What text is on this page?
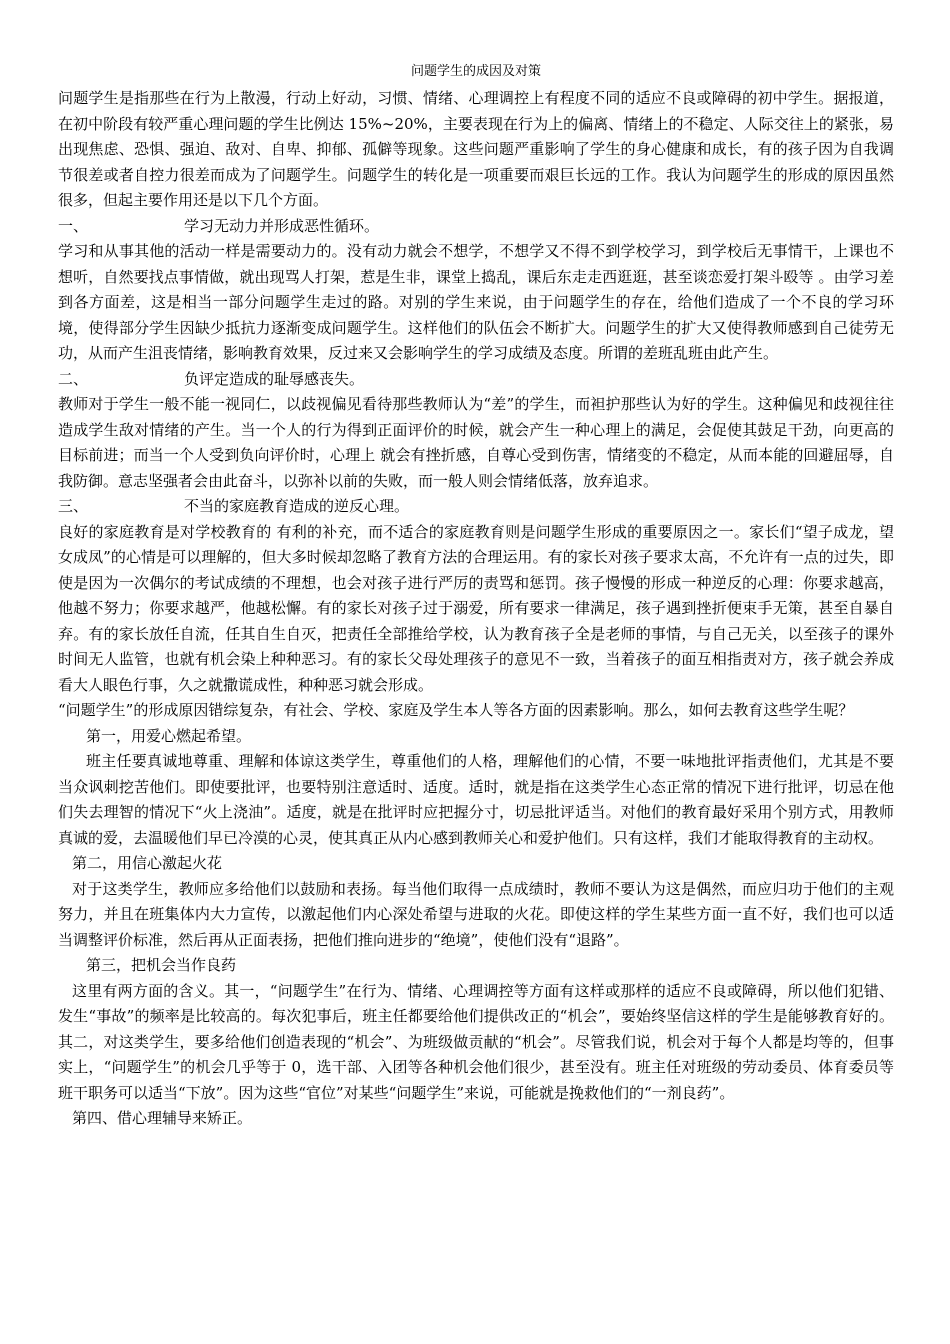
问题学生的成因及对策

问题学生是指那些在行为上散漫，行动上好动，习惯、情绪、心理调控上有程度不同的适应不良或障碍的初中学生。据报道，在初中阶段有较严重心理问题的学生比例达 15%~20%，主要表现在行为上的偏离、情绪上的不稳定、人际交往上的紧张，易出现焦虑、恐惧、强迫、敌对、自卑、抑郁、孤僻等现象。这些问题严重影响了学生的身心健康和成长，有的孩子因为自我调节很差或者自控力很差而成为了问题学生。问题学生的转化是一项重要而艰巨长远的工作。我认为问题学生的形成的原因虽然很多，但起主要作用还是以下几个方面。

一、	学习无动力并形成恶性循环。

学习和从事其他的活动一样是需要动力的。没有动力就会不想学，不想学又不得不到学校学习，到学校后无事情干，上课也不想听，自然要找点事情做，就出现骂人打架，惹是生非，课堂上捣乱，课后东走走西逛逛，甚至谈恋爱打架斗殴等 。由学习差到各方面差，这是相当一部分问题学生走过的路。对别的学生来说，由于问题学生的存在，给他们造成了一个不良的学习环境，使得部分学生因缺少抵抗力逐渐变成问题学生。这样他们的队伍会不断扩大。问题学生的扩大又使得教师感到自己徒劳无功，从而产生沮丧情绪，影响教育效果，反过来又会影响学生的学习成绩及态度。所谓的差班乱班由此产生。

二、	负评定造成的耻辱感丧失。

教师对于学生一般不能一视同仁，以歧视偏见看待那些教师认为“差”的学生，而袒护那些认为好的学生。这种偏见和歧视往往造成学生敌对情绪的产生。当一个人的行为得到正面评价的时候，就会产生一种心理上的满足，会促使其鼓足干劲，向更高的目标前进；而当一个人受到负向评价时，心理上 就会有挫折感，自尊心受到伤害，情绪变的不稳定，从而本能的回避屈辱，自我防御。意志坚强者会由此奋斗，以弥补以前的失败，而一般人则会情绪低落，放弃追求。

三、	不当的家庭教育造成的逆反心理。

良好的家庭教育是对学校教育的 有利的补充，而不适合的家庭教育则是问题学生形成的重要原因之一。家长们“望子成龙，望女成凤”的心情是可以理解的，但大多时候却忽略了教育方法的合理运用。有的家长对孩子要求太高，不允许有一点的过失，即使是因为一次偶尔的考试成绩的不理想，也会对孩子进行严厉的责骂和惩罚。孩子慢慢的形成一种逆反的心理：你要求越高，他越不努力；你要求越严，他越松懈。有的家长对孩子过于溺爱，所有要求一律满足，孩子遇到挫折便束手无策，甚至自暴自弃。有的家长放任自流，任其自生自灭，把责任全部推给学校，认为教育孩子全是老师的事情，与自己无关，以至孩子的课外时间无人监管，也就有机会染上种种恶习。有的家长父母处理孩子的意见不一致，当着孩子的面互相指责对方，孩子就会养成看大人眼色行事，久之就撒谎成性，种种恶习就会形成。

“问题学生”的形成原因错综复杂，有社会、学校、家庭及学生本人等各方面的因素影响。那么，如何去教育这些学生呢？

第一，用爱心燃起希望。

班主任要真诚地尊重、理解和体谅这类学生，尊重他们的人格，理解他们的心情，不要一味地批评指责他们，尤其是不要当众讽刺挖苦他们。即使要批评，也要特别注意适时、适度。适时，就是指在这类学生心态正常的情况下进行批评，切忌在他们失去理智的情况下“火上浇油”。适度，就是在批评时应把握分寸，切忌批评适当。对他们的教育最好采用个别方式，用教师真诚的爱，去温暖他们早已冷漠的心灵，使其真正从内心感到教师关心和爱护他们。只有这样，我们才能取得教育的主动权。

第二，用信心激起火花

对于这类学生，教师应多给他们以鼓励和表扬。每当他们取得一点成绩时，教师不要认为这是偶然，而应归功于他们的主观努力，并且在班集体内大力宣传，以激起他们内心深处希望与进取的火花。即使这样的学生某些方面一直不好，我们也可以适当调整评价标准，然后再从正面表扬，把他们推向进步的“绝境”，使他们没有“退路”。

第三，把机会当作良药

这里有两方面的含义。其一，“问题学生”在行为、情绪、心理调控等方面有这样或那样的适应不良或障碍，所以他们犯错、发生“事故”的频率是比较高的。每次犯事后，班主任都要给他们提供改正的“机会”，要始终坚信这样的学生是能够教育好的。其二，对这类学生，要多给他们创造表现的“机会”、为班级做贡献的“机会”。尽管我们说，机会对于每个人都是均等的，但事实上，“问题学生”的机会几乎等于 0，选干部、入团等各种机会他们很少，甚至没有。班主任对班级的劳动委员、体育委员等班干职务可以适当“下放”。因为这些“官位”对某些“问题学生”来说，可能就是挽救他们的“一剂良药”。

第四、借心理辅导来矫正。
